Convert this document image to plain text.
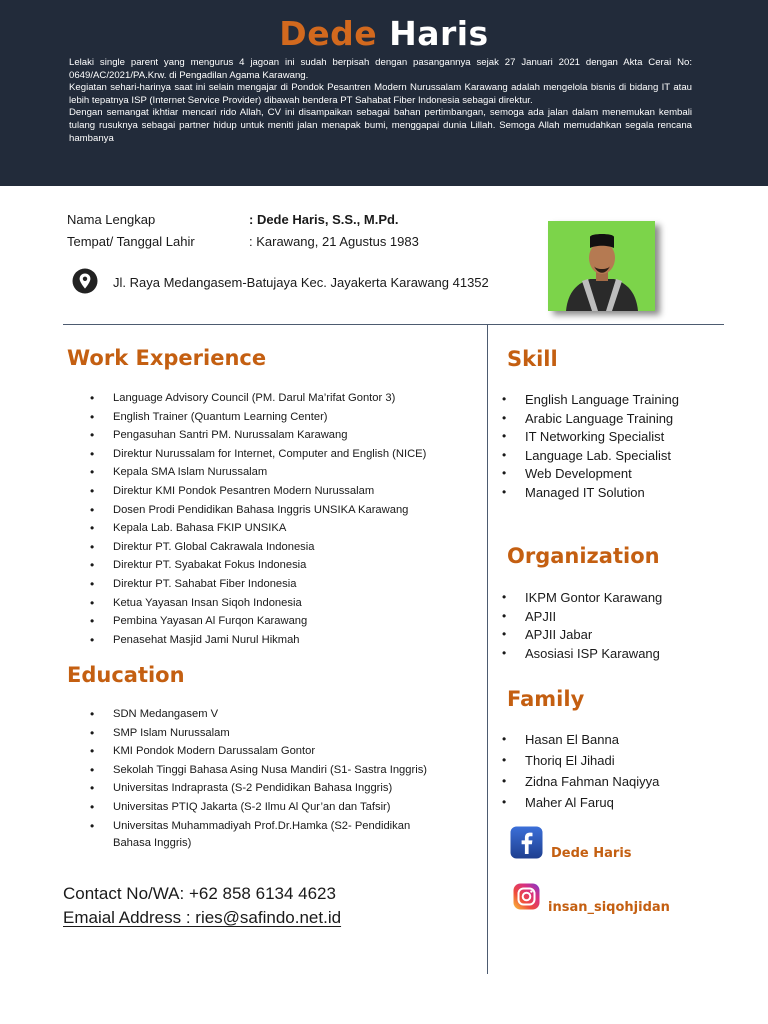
Dede Haris

Lelaki single parent yang mengurus 4 jagoan ini sudah berpisah dengan pasangannya sejak 27 Januari 2021 dengan Akta Cerai No: 0649/AC/2021/PA.Krw. di Pengadilan Agama Karawang.

Kegiatan sehari-harinya saat ini selain mengajar di Pondok Pesantren Modern Nurussalam Karawang adalah mengelola bisnis di bidang IT atau lebih tepatnya ISP (Internet Service Provider) dibawah bendera PT Sahabat Fiber Indonesia sebagai direktur.

Dengan semangat ikhtiar mencari rido Allah, CV ini disampaikan sebagai bahan pertimbangan, semoga ada jalan dalam menemukan kembali tulang rusuknya sebagai partner hidup untuk meniti jalan menapak bumi, menggapai dunia Lillah. Semoga Allah memudahkan segala rencana hambanya

Nama Lengkap	: Dede Haris, S.S., M.Pd.
Tempat/ Tanggal Lahir	: Karawang, 21 Agustus 1983
Jl. Raya Medangasem-Batujaya Kec. Jayakerta Karawang 41352
Work Experience
• Language Advisory Council (PM. Darul Ma’rifat Gontor 3)
• English Trainer (Quantum Learning Center)
• Pengasuhan Santri PM. Nurussalam Karawang
• Direktur Nurussalam for Internet, Computer and English (NICE)
• Kepala SMA Islam Nurussalam
• Direktur KMI Pondok Pesantren Modern Nurussalam
• Dosen Prodi Pendidikan Bahasa Inggris UNSIKA Karawang
• Kepala Lab. Bahasa FKIP UNSIKA
• Direktur PT. Global Cakrawala Indonesia
• Direktur PT. Syabakat Fokus Indonesia
• Direktur PT. Sahabat Fiber Indonesia
• Ketua Yayasan Insan Siqoh Indonesia
• Pembina Yayasan Al Furqon Karawang
• Penasehat Masjid Jami Nurul Hikmah
Education
• SDN Medangasem V
• SMP Islam Nurussalam
• KMI Pondok Modern Darussalam Gontor
• Sekolah Tinggi Bahasa Asing Nusa Mandiri (S1- Sastra Inggris)
• Universitas Indraprasta (S-2 Pendidikan Bahasa Inggris)
• Universitas PTIQ Jakarta (S-2 Ilmu Al Qur’an dan Tafsir)
• Universitas Muhammadiyah Prof.Dr.Hamka (S2- Pendidikan Bahasa Inggris)
Contact No/WA: +62 858 6134 4623
Emaial Address : ries@safindo.net.id
Skill
• English Language Training
• Arabic Language Training
• IT Networking Specialist
• Language Lab. Specialist
• Web Development
• Managed IT Solution
Organization
• IKPM Gontor Karawang
• APJII
• APJII Jabar
• Asosiasi ISP Karawang
Family
• Hasan El Banna
• Thoriq El Jihadi
• Zidna Fahman Naqiyya
• Maher Al Faruq
Dede Haris
insan_siqohjidan
